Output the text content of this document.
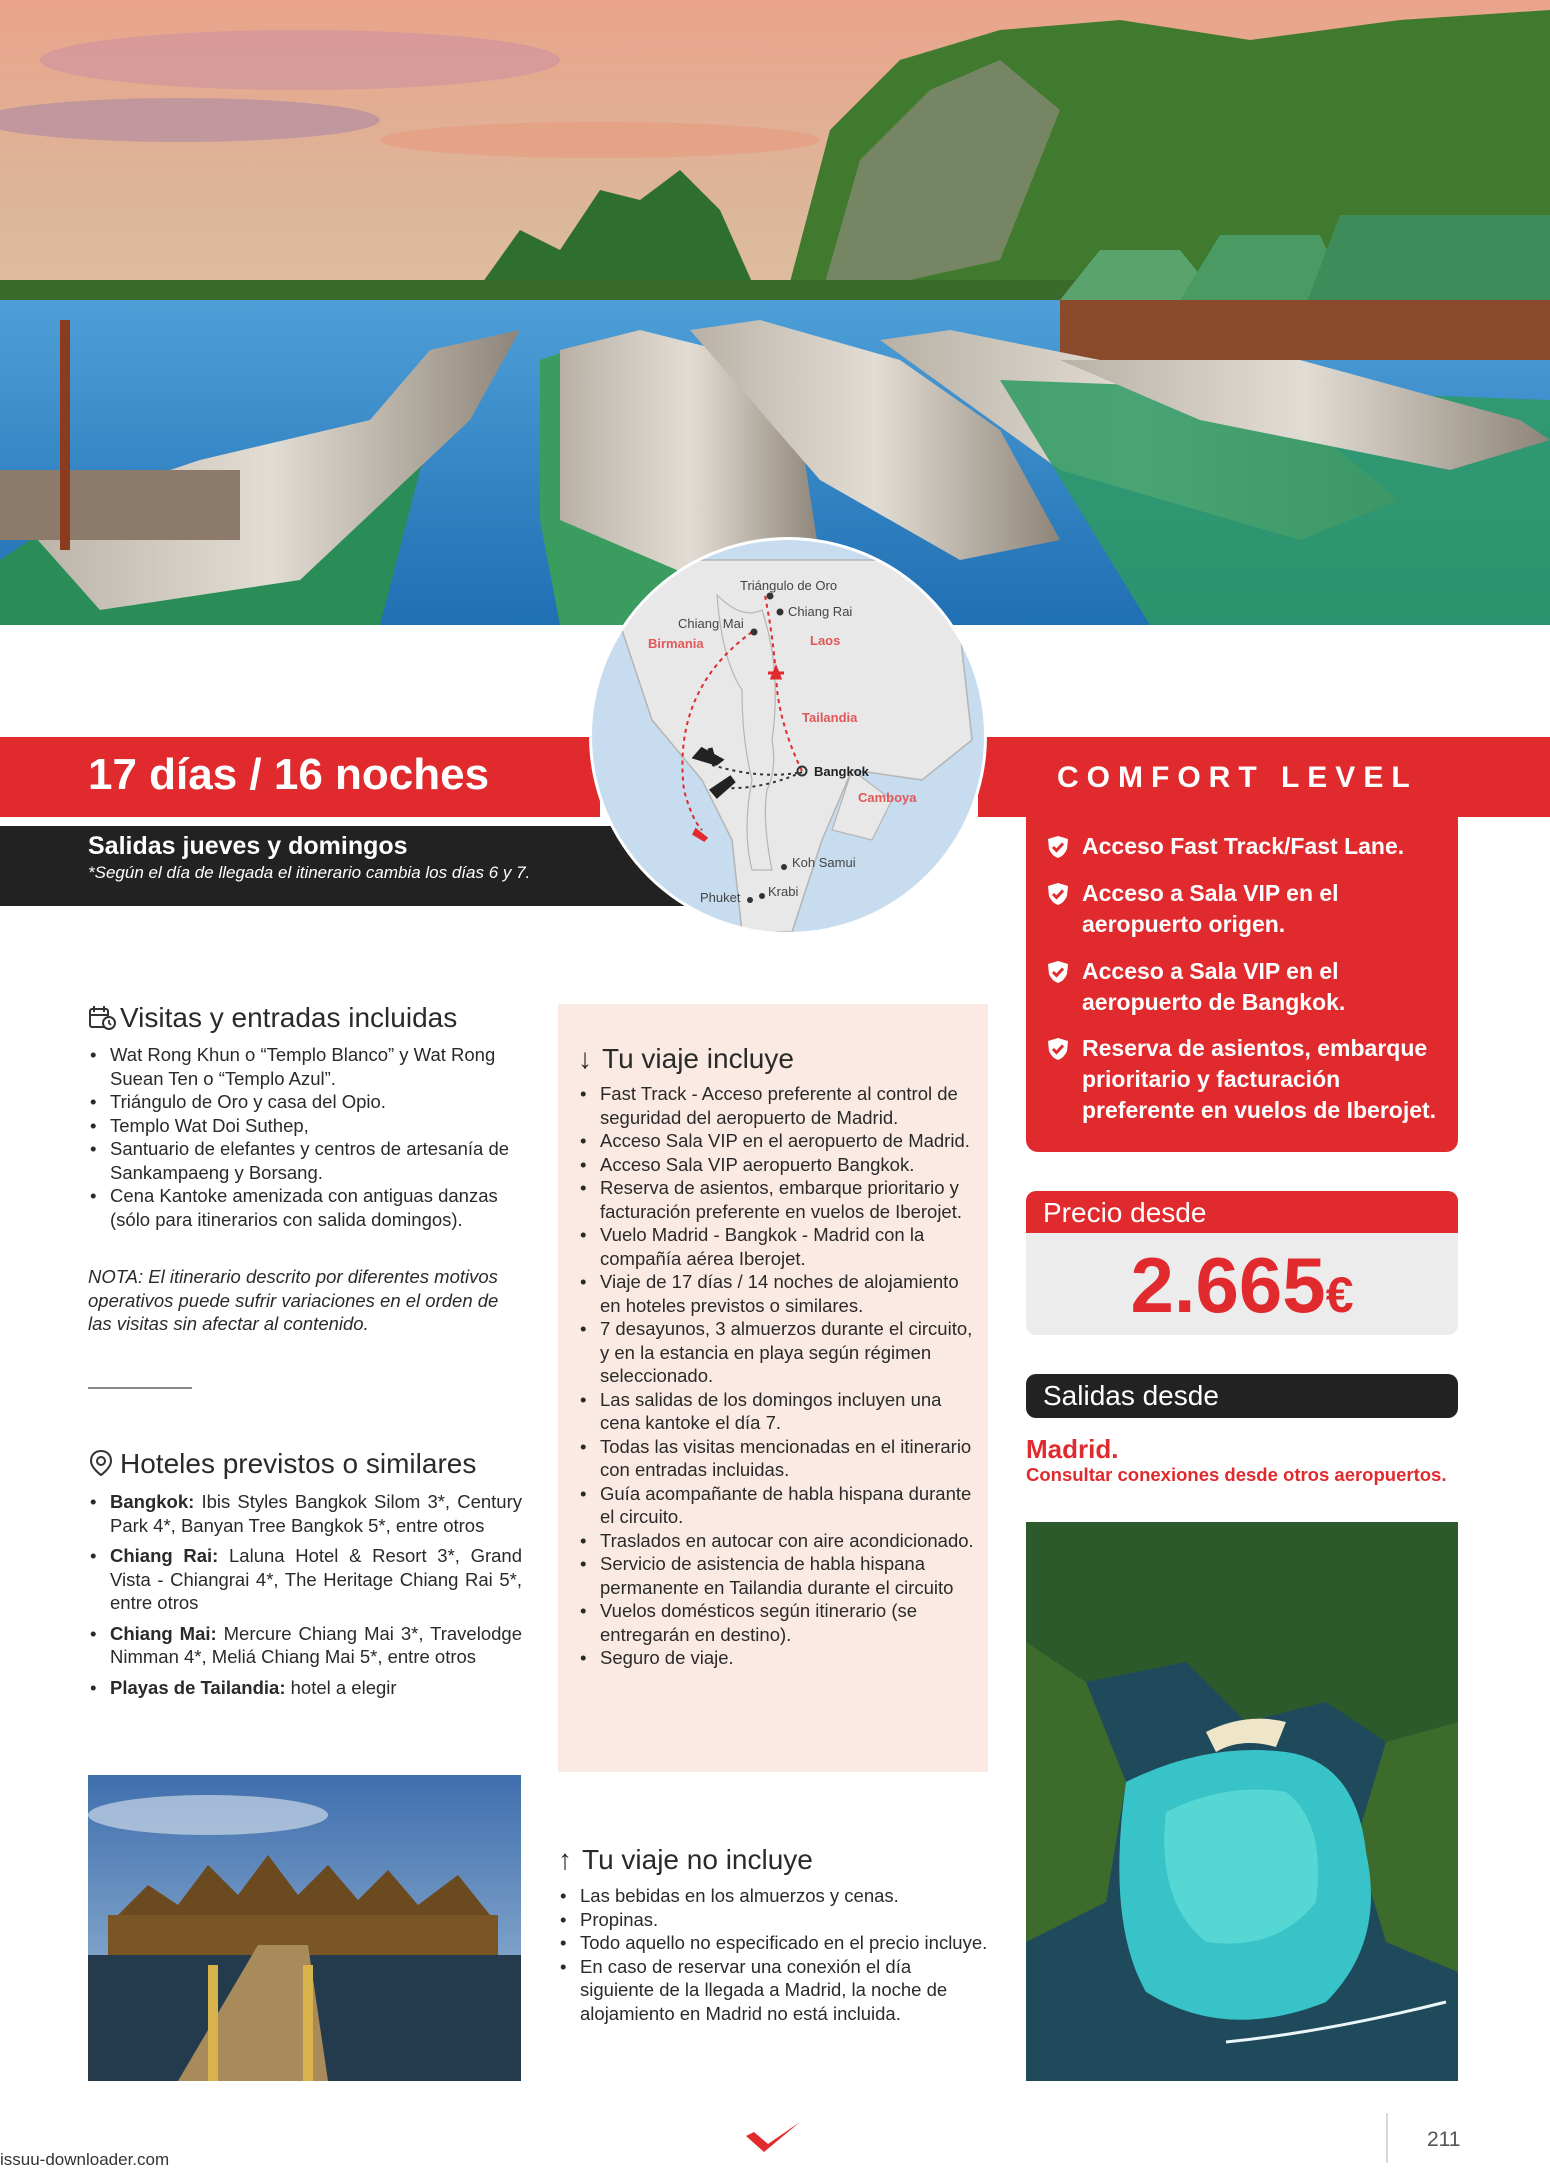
17 días / 16 noches
Salidas jueves y domingos
*Según el día de llegada el itinerario cambia los días 6 y 7.
Triángulo de Oro
Chiang Mai
Chiang Rai
Birmania	Laos
Tailandia
Bangkok
Camboya
Koh Samui
Phuket Krabi
COMFORT LEVEL
Acceso Fast Track/Fast Lane.
Acceso a Sala VIP en el aeropuerto origen.
Acceso a Sala VIP en el aeropuerto de Bangkok.
Reserva de asientos, embarque prioritario y facturación preferente en vuelos de Iberojet.
Precio desde
2.665€
Salidas desde
Madrid.
Consultar conexiones desde otros aeropuertos.
Visitas y entradas incluidas
• Wat Rong Khun o “Templo Blanco” y Wat Rong Suean Ten o “Templo Azul”.
• Triángulo de Oro y casa del Opio.
• Templo Wat Doi Suthep,
• Santuario de elefantes y centros de artesanía de Sankampaeng y Borsang.
• Cena Kantoke amenizada con antiguas danzas (sólo para itinerarios con salida domingos).
NOTA: El itinerario descrito por diferentes motivos operativos puede sufrir variaciones en el orden de las visitas sin afectar al contenido.
Hoteles previstos o similares
• Bangkok: Ibis Styles Bangkok Silom 3*, Century Park 4*, Banyan Tree Bangkok 5*, entre otros
• Chiang Rai: Laluna Hotel & Resort 3*, Grand Vista - Chiangrai 4*, The Heritage Chiang Rai 5*, entre otros
• Chiang Mai: Mercure Chiang Mai 3*, Travelodge Nimman 4*, Meliá Chiang Mai 5*, entre otros
• Playas de Tailandia: hotel a elegir
↓ Tu viaje incluye
• Fast Track - Acceso preferente al control de seguridad del aeropuerto de Madrid.
• Acceso Sala VIP en el aeropuerto de Madrid.
• Acceso Sala VIP aeropuerto Bangkok.
• Reserva de asientos, embarque prioritario y facturación preferente en vuelos de Iberojet.
• Vuelo Madrid - Bangkok - Madrid con la compañía aérea Iberojet.
• Viaje de 17 días / 14 noches de alojamiento en hoteles previstos o similares.
• 7 desayunos, 3 almuerzos durante el circuito, y en la estancia en playa según régimen seleccionado.
• Las salidas de los domingos incluyen una cena kantoke el día 7.
• Todas las visitas mencionadas en el itinerario con entradas incluidas.
• Guía acompañante de habla hispana durante el circuito.
• Traslados en autocar con aire acondicionado.
• Servicio de asistencia de habla hispana permanente en Tailandia durante el circuito
• Vuelos domésticos según itinerario (se entregarán en destino).
• Seguro de viaje.
↑ Tu viaje no incluye
• Las bebidas en los almuerzos y cenas.
• Propinas.
• Todo aquello no especificado en el precio incluye.
• En caso de reservar una conexión el día siguiente de la llegada a Madrid, la noche de alojamiento en Madrid no está incluida.
211
issuu-downloader.com
